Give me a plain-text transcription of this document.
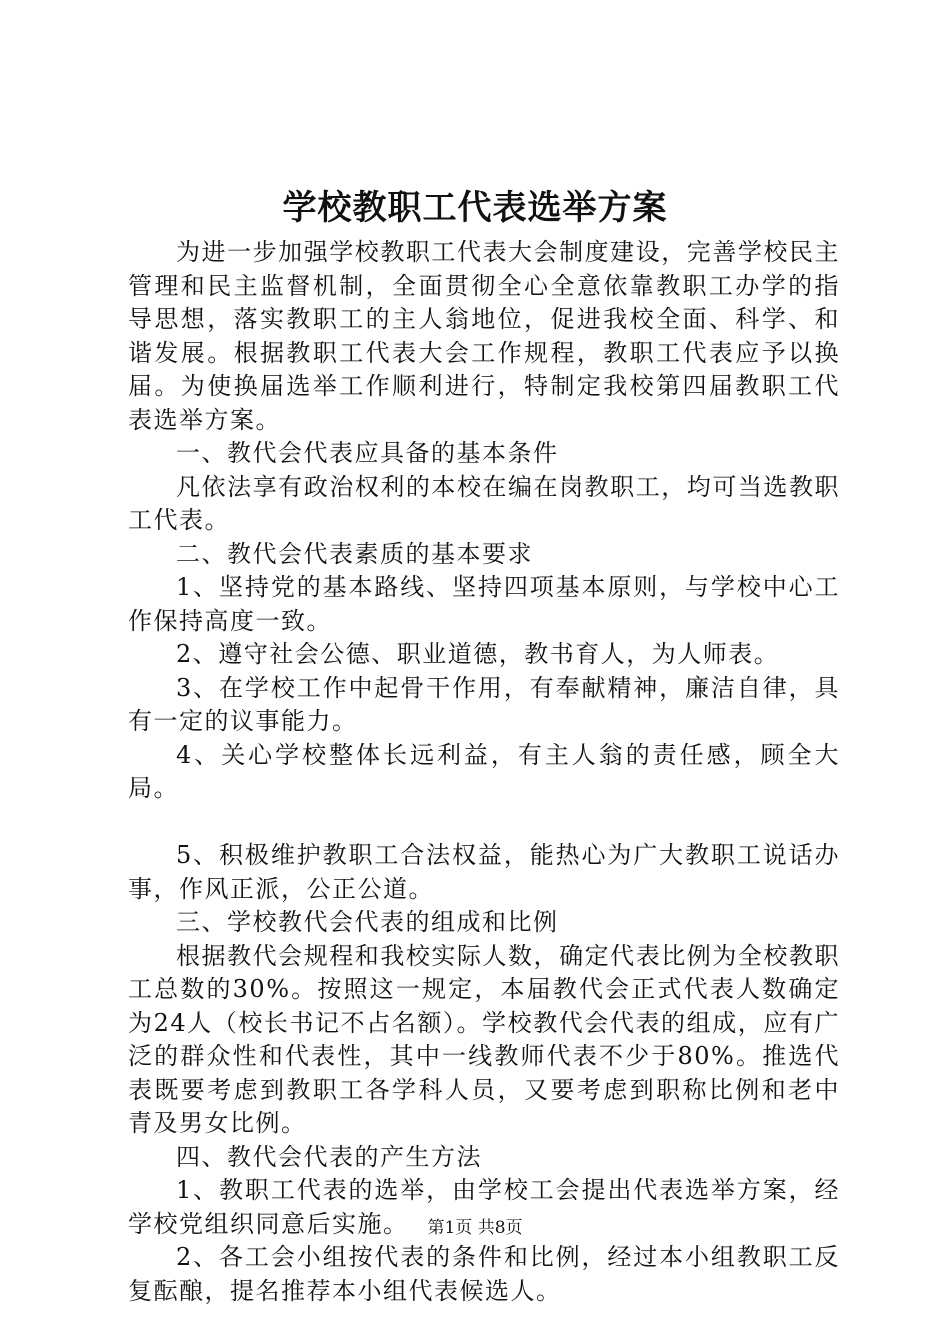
学校教职工代表选举方案

为进一步加强学校教职工代表大会制度建设，完善学校民主管理和民主监督机制，全面贯彻全心全意依靠教职工办学的指导思想，落实教职工的主人翁地位，促进我校全面、科学、和谐发展。根据教职工代表大会工作规程，教职工代表应予以换届。为使换届选举工作顺利进行，特制定我校第四届教职工代表选举方案。

一、教代会代表应具备的基本条件

凡依法享有政治权利的本校在编在岗教职工，均可当选教职工代表。

二、教代会代表素质的基本要求

1、坚持党的基本路线、坚持四项基本原则，与学校中心工作保持高度一致。

2、遵守社会公德、职业道德，教书育人，为人师表。

3、在学校工作中起骨干作用，有奉献精神，廉洁自律，具有一定的议事能力。

4、关心学校整体长远利益，有主人翁的责任感，顾全大局。

5、积极维护教职工合法权益，能热心为广大教职工说话办事，作风正派，公正公道。

三、学校教代会代表的组成和比例

根据教代会规程和我校实际人数，确定代表比例为全校教职工总数的30%。按照这一规定，本届教代会正式代表人数确定为24人（校长书记不占名额）。学校教代会代表的组成，应有广泛的群众性和代表性，其中一线教师代表不少于80%。推选代表既要考虑到教职工各学科人员，又要考虑到职称比例和老中青及男女比例。

四、教代会代表的产生方法

1、教职工代表的选举，由学校工会提出代表选举方案，经学校党组织同意后实施。

2、各工会小组按代表的条件和比例，经过本小组教职工反复酝酿，提名推荐本小组代表候选人。

第1页 共8页
